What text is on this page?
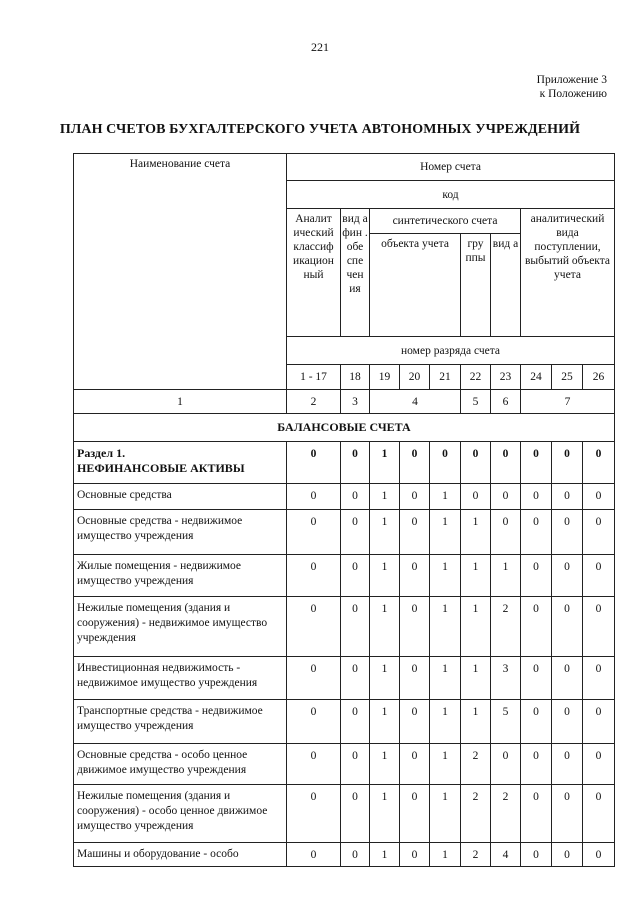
221
Приложение 3
к Положению
ПЛАН СЧЕТОВ БУХГАЛТЕРСКОГО УЧЕТА АВТОНОМНЫХ УЧРЕЖДЕНИЙ
Наименование счета	Номер счета									
	код									
	Аналит ический классиф икацион ный	вид а фин . обе спе чен ия	синтетического счета					аналитический вида поступлении, выбытий объекта учета		
			объекта учета			гру ппы	вид а			
	номер разряда счета									
	1 - 17	18	19	20	21	22	23	24	25	26
1	2	3	4			5	6	7		
БАЛАНСОВЫЕ СЧЕТА										

Раздел 1.
НЕФИНАНСОВЫЕ АКТИВЫ	0	0	1	0	0	0	0	0	0	0
Основные средства	0	0	1	0	1	0	0	0	0	0
Основные средства - недвижимое имущество учреждения	0	0	1	0	1	1	0	0	0	0
Жилые помещения - недвижимое имущество учреждения	0	0	1	0	1	1	1	0	0	0
Нежилые помещения (здания и сооружения) - недвижимое имущество учреждения	0	0	1	0	1	1	2	0	0	0
Инвестиционная недвижимость - недвижимое имущество учреждения	0	0	1	0	1	1	3	0	0	0
Транспортные средства - недвижимое имущество учреждения	0	0	1	0	1	1	5	0	0	0
Основные средства - особо ценное движимое имущество учреждения	0	0	1	0	1	2	0	0	0	0
Нежилые помещения (здания и сооружения) - особо ценное движимое имущество учреждения	0	0	1	0	1	2	2	0	0	0
Машины и оборудование - особо	0	0	1	0	1	2	4	0	0	0
